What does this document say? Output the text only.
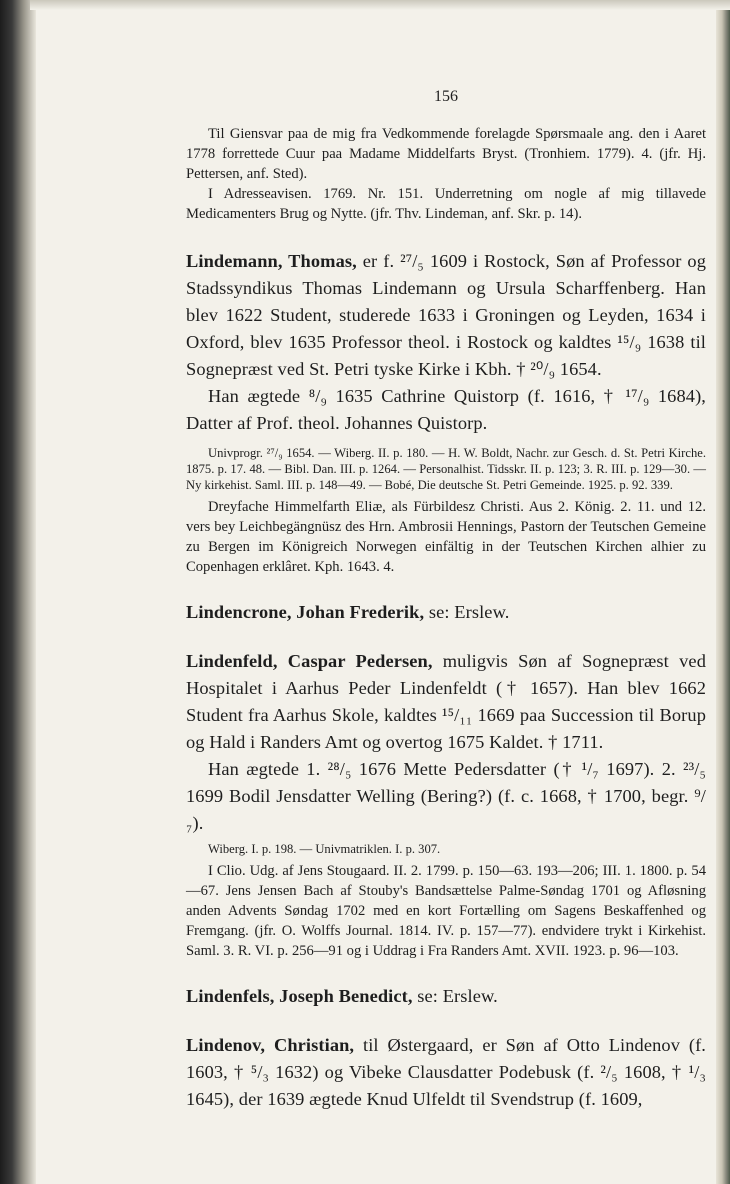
156

Til Giensvar paa de mig fra Vedkommende forelagde Spørsmaale ang. den i Aaret 1778 forrettede Cuur paa Madame Middelfarts Bryst. (Tronhiem. 1779). 4. (jfr. Hj. Pettersen, anf. Sted).

I Adresseavisen. 1769. Nr. 151. Underretning om nogle af mig tillavede Medicamenters Brug og Nytte. (jfr. Thv. Lindeman, anf. Skr. p. 14).

Lindemann, Thomas, er f. ²⁷/₅ 1609 i Rostock, Søn af Professor og Stadssyndikus Thomas Lindemann og Ursula Scharffenberg. Han blev 1622 Student, studerede 1633 i Groningen og Leyden, 1634 i Oxford, blev 1635 Professor theol. i Rostock og kaldtes ¹⁵/₉ 1638 til Sognepræst ved St. Petri tyske Kirke i Kbh. † ²⁰/₉ 1654.

Han ægtede ⁸/₉ 1635 Cathrine Quistorp (f. 1616, † ¹⁷/₉ 1684), Datter af Prof. theol. Johannes Quistorp.

Univprogr. ²⁷/₉ 1654. — Wiberg. II. p. 180. — H. W. Boldt, Nachr. zur Gesch. d. St. Petri Kirche. 1875. p. 17. 48. — Bibl. Dan. III. p. 1264. — Personalhist. Tidsskr. II. p. 123; 3. R. III. p. 129—30. — Ny kirkehist. Saml. III. p. 148—49. — Bobé, Die deutsche St. Petri Gemeinde. 1925. p. 92. 339.

Dreyfache Himmelfarth Eliæ, als Fürbildesz Christi. Aus 2. König. 2. 11. und 12. vers bey Leichbegängnüsz des Hrn. Ambrosii Hennings, Pastorn der Teutschen Gemeine zu Bergen im Königreich Norwegen einfältig in der Teutschen Kirchen alhier zu Copenhagen erklâret. Kph. 1643. 4.

Lindencrone, Johan Frederik, se: Erslew.

Lindenfeld, Caspar Pedersen, muligvis Søn af Sognepræst ved Hospitalet i Aarhus Peder Lindenfeldt († 1657). Han blev 1662 Student fra Aarhus Skole, kaldtes ¹⁵/₁₁ 1669 paa Succession til Borup og Hald i Randers Amt og overtog 1675 Kaldet. † 1711.

Han ægtede 1. ²⁸/₅ 1676 Mette Pedersdatter († ¹/₇ 1697). 2. ²³/₅ 1699 Bodil Jensdatter Welling (Bering?) (f. c. 1668, † 1700, begr. ⁹/₇).

Wiberg. I. p. 198. — Univmatriklen. I. p. 307.

I Clio. Udg. af Jens Stougaard. II. 2. 1799. p. 150—63. 193—206; III. 1. 1800. p. 54—67. Jens Jensen Bach af Stouby's Bandsættelse Palme-Søndag 1701 og Afløsning anden Advents Søndag 1702 med en kort Fortælling om Sagens Beskaffenhed og Fremgang. (jfr. O. Wolffs Journal. 1814. IV. p. 157—77). endvidere trykt i Kirkehist. Saml. 3. R. VI. p. 256—91 og i Uddrag i Fra Randers Amt. XVII. 1923. p. 96—103.

Lindenfels, Joseph Benedict, se: Erslew.

Lindenov, Christian, til Østergaard, er Søn af Otto Lindenov (f. 1603, † ⁵/₃ 1632) og Vibeke Clausdatter Podebusk (f. ²/₅ 1608, † ¹/₃ 1645), der 1639 ægtede Knud Ulfeldt til Svendstrup (f. 1609,
